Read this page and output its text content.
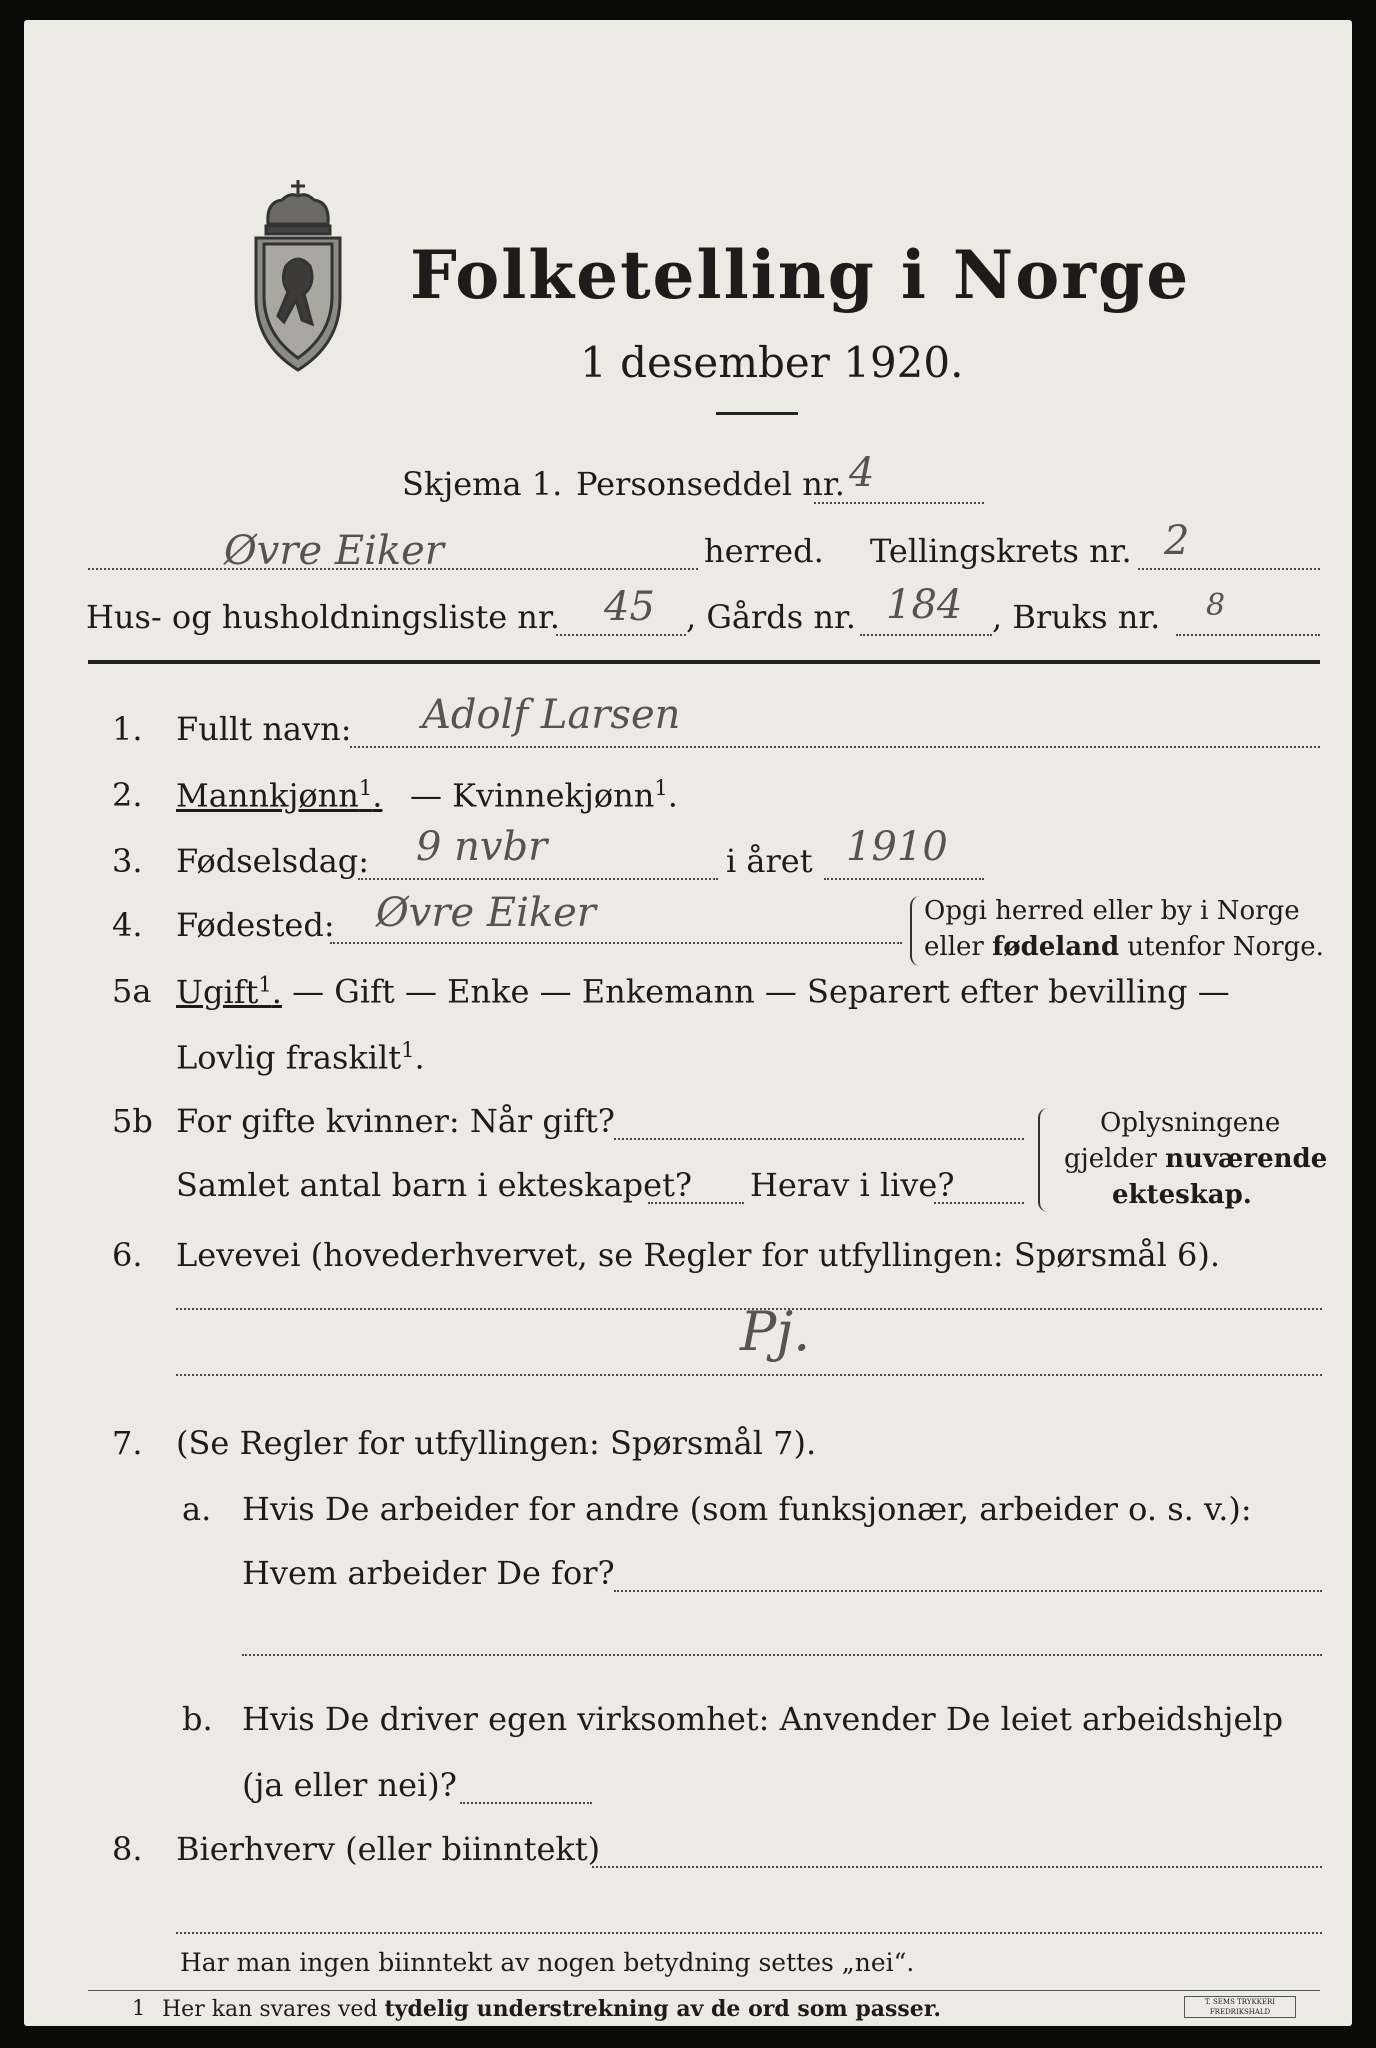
Folketelling i Norge
1 desember 1920.
Skjema 1. Personseddel nr. 4
Øvre Eiker	herred. Tellingskrets nr. 2
Hus- og husholdningsliste nr. 45 , Gårds nr. 184 , Bruks nr. 8
1. Fullt navn: Adolf Larsen
2. Mannkjønn$^1$. — Kvinnekjønn$^1$.
3. Fødselsdag: 9 nvbr	i året 1910
4. Fødested: Øvre Eiker	Opgi herred eller by i Norge
eller fødeland utenfor Norge.
5a Ugift$^1$. — Gift — Enke — Enkemann — Separert efter bevilling —
Lovlig fraskilt$^1$.
5b For gifte kvinner: Når gift?
Samlet antal barn i ekteskapet? Herav i live?
Oplysningene
gjelder nuværende
ekteskap.
6. Levevei (hovederhvervet, se Regler for utfyllingen: Spørsmål 6).
Pj.
7. (Se Regler for utfyllingen: Spørsmål 7).
a. Hvis De arbeider for andre (som funksjonær, arbeider o. s. v.):
Hvem arbeider De for?
b. Hvis De driver egen virksomhet: Anvender De leiet arbeidshjelp
(ja eller nei)?
8. Bierhverv (eller biinntekt)
Har man ingen biinntekt av nogen betydning settes „nei“.
1 Her kan svares ved tydelig understrekning av de ord som passer.	T. SEMS TRYKKERI FREDRIKSHALD
